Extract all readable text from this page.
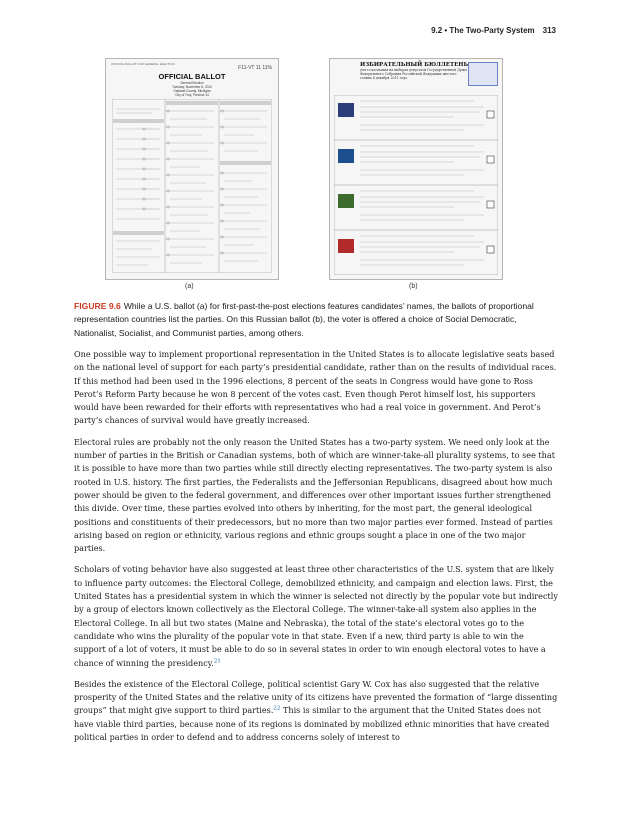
9.2 • The Two-Party System 313
OFFICIAL BALLOT FOR GENERAL ELECTION
F11-VT 11 11%
OFFICIAL BALLOT
General Election
Tuesday, November 6, 2012
Oakland County, Michigan
City of Troy, Precinct 14
ИЗБИРАТЕЛЬНЫЙ БЮЛЛЕТЕНЬ
для голосования на выборах депутатов Государственной Думы Федерального Собрания Российской Федерации шестого созыва 4 декабря 2011 года
(a)	(b)

FIGURE 9.6 While a U.S. ballot (a) for first-past-the-post elections features candidates’ names, the ballots of proportional representation countries list the parties. On this Russian ballot (b), the voter is offered a choice of Social Democratic, Nationalist, Socialist, and Communist parties, among others.

One possible way to implement proportional representation in the United States is to allocate legislative seats based on the national level of support for each party’s presidential candidate, rather than on the results of individual races. If this method had been used in the 1996 elections, 8 percent of the seats in Congress would have gone to Ross Perot’s Reform Party because he won 8 percent of the votes cast. Even though Perot himself lost, his supporters would have been rewarded for their efforts with representatives who had a real voice in government. And Perot’s party’s chances of survival would have greatly increased.

Electoral rules are probably not the only reason the United States has a two-party system. We need only look at the number of parties in the British or Canadian systems, both of which are winner-take-all plurality systems, to see that it is possible to have more than two parties while still directly electing representatives. The two-party system is also rooted in U.S. history. The first parties, the Federalists and the Jeffersonian Republicans, disagreed about how much power should be given to the federal government, and differences over other important issues further strengthened this divide. Over time, these parties evolved into others by inheriting, for the most part, the general ideological positions and constituents of their predecessors, but no more than two major parties ever formed. Instead of parties arising based on region or ethnicity, various regions and ethnic groups sought a place in one of the two major parties.

Scholars of voting behavior have also suggested at least three other characteristics of the U.S. system that are likely to influence party outcomes: the Electoral College, demobilized ethnicity, and campaign and election laws. First, the United States has a presidential system in which the winner is selected not directly by the popular vote but indirectly by a group of electors known collectively as the Electoral College. The winner-take-all system also applies in the Electoral College. In all but two states (Maine and Nebraska), the total of the state’s electoral votes go to the candidate who wins the plurality of the popular vote in that state. Even if a new, third party is able to win the support of a lot of voters, it must be able to do so in several states in order to win enough electoral votes to have a chance of winning the presidency.$^{21}$

Besides the existence of the Electoral College, political scientist Gary W. Cox has also suggested that the relative prosperity of the United States and the relative unity of its citizens have prevented the formation of “large dissenting groups” that might give support to third parties.$^{22}$ This is similar to the argument that the United States does not have viable third parties, because none of its regions is dominated by mobilized ethnic minorities that have created political parties in order to defend and to address concerns solely of interest to
